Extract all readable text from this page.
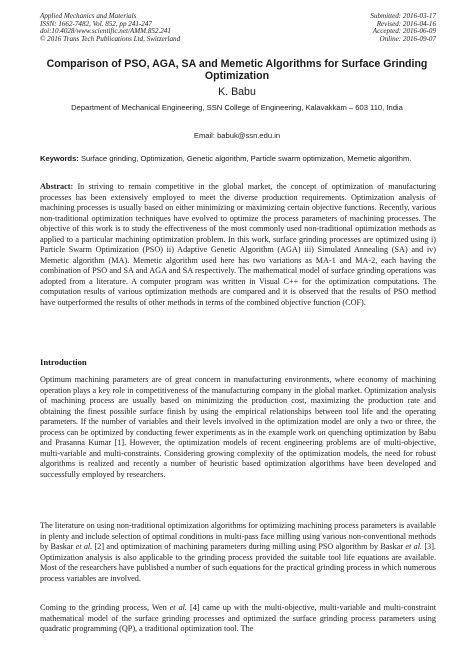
Applied Mechanics and Materials
ISSN: 1662-7482, Vol. 852, pp 241-247
doi:10.4028/www.scientific.net/AMM.852.241
© 2016 Trans Tech Publications Ltd, Switzerland
Submitted: 2016-03-17
Revised: 2016-04-16
Accepted: 2016-06-09
Online: 2016-09-07
Comparison of PSO, AGA, SA and Memetic Algorithms for Surface Grinding Optimization
K. Babu
Department of Mechanical Engineering, SSN College of Engineering, Kalavakkam – 603 110, India
Email: babuk@ssn.edu.in
Keywords: Surface grinding, Optimization, Genetic algorithm, Particle swarm optimization, Memetic algorithm.
Abstract: In striving to remain competitive in the global market, the concept of optimization of manufacturing processes has been extensively employed to meet the diverse production requirements. Optimization analysis of machining processes is usually based on either minimizing or maximizing certain objective functions. Recently, various non-traditional optimization techniques have evolved to optimize the process parameters of machining processes. The objective of this work is to study the effectiveness of the most commonly used non-traditional optimization methods as applied to a particular machining optimization problem. In this work, surface grinding processes are optimized using i) Particle Swarm Optimization (PSO) ii) Adaptive Genetic Algorithm (AGA) iii) Simulated Annealing (SA) and iv) Memetic algorithm (MA). Memetic algorithm used here has two variations as MA-1 and MA-2, each having the combination of PSO and SA and AGA and SA respectively. The mathematical model of surface grinding operations was adopted from a literature. A computer program was written in Visual C++ for the optimization computations. The computation results of various optimization methods are compared and it is observed that the results of PSO method have outperformed the results of other methods in terms of the combined objective function (COF).
Introduction
Optimum machining parameters are of great concern in manufacturing environments, where economy of machining operation plays a key role in competitiveness of the manufacturing company in the global market. Optimization analysis of machining process are usually based on minimizing the production cost, maximizing the production rate and obtaining the finest possible surface finish by using the empirical relationships between tool life and the operating parameters. If the number of variables and their levels involved in the optimization model are only a two or three, the process can be optimized by conducting fewer experiments as in the example work on quenching optimization by Babu and Prasanna Kumar [1]. However, the optimization models of recent engineering problems are of multi-objective, multi-variable and multi-constraints. Considering growing complexity of the optimization models, the need for robust algorithms is realized and recently a number of heuristic based optimization algorithms have been developed and successfully employed by researchers.
The literature on using non-traditional optimization algorithms for optimizing machining process parameters is available in plenty and include selection of optimal conditions in multi-pass face milling using various non-conventional methods by Baskar et al. [2] and optimization of machining parameters during milling using PSO algorithm by Baskar et al. [3]. Optimization analysis is also applicable to the grinding process provided the suitable tool life equations are available. Most of the researchers have published a number of such equations for the practical grinding process in which numerous process variables are involved.
Coming to the grinding process, Wen et al. [4] came up with the multi-objective, multi-variable and multi-constraint mathematical model of the surface grinding processes and optimized the surface grinding process parameters using quadratic programming (QP), a traditional optimization tool. The
